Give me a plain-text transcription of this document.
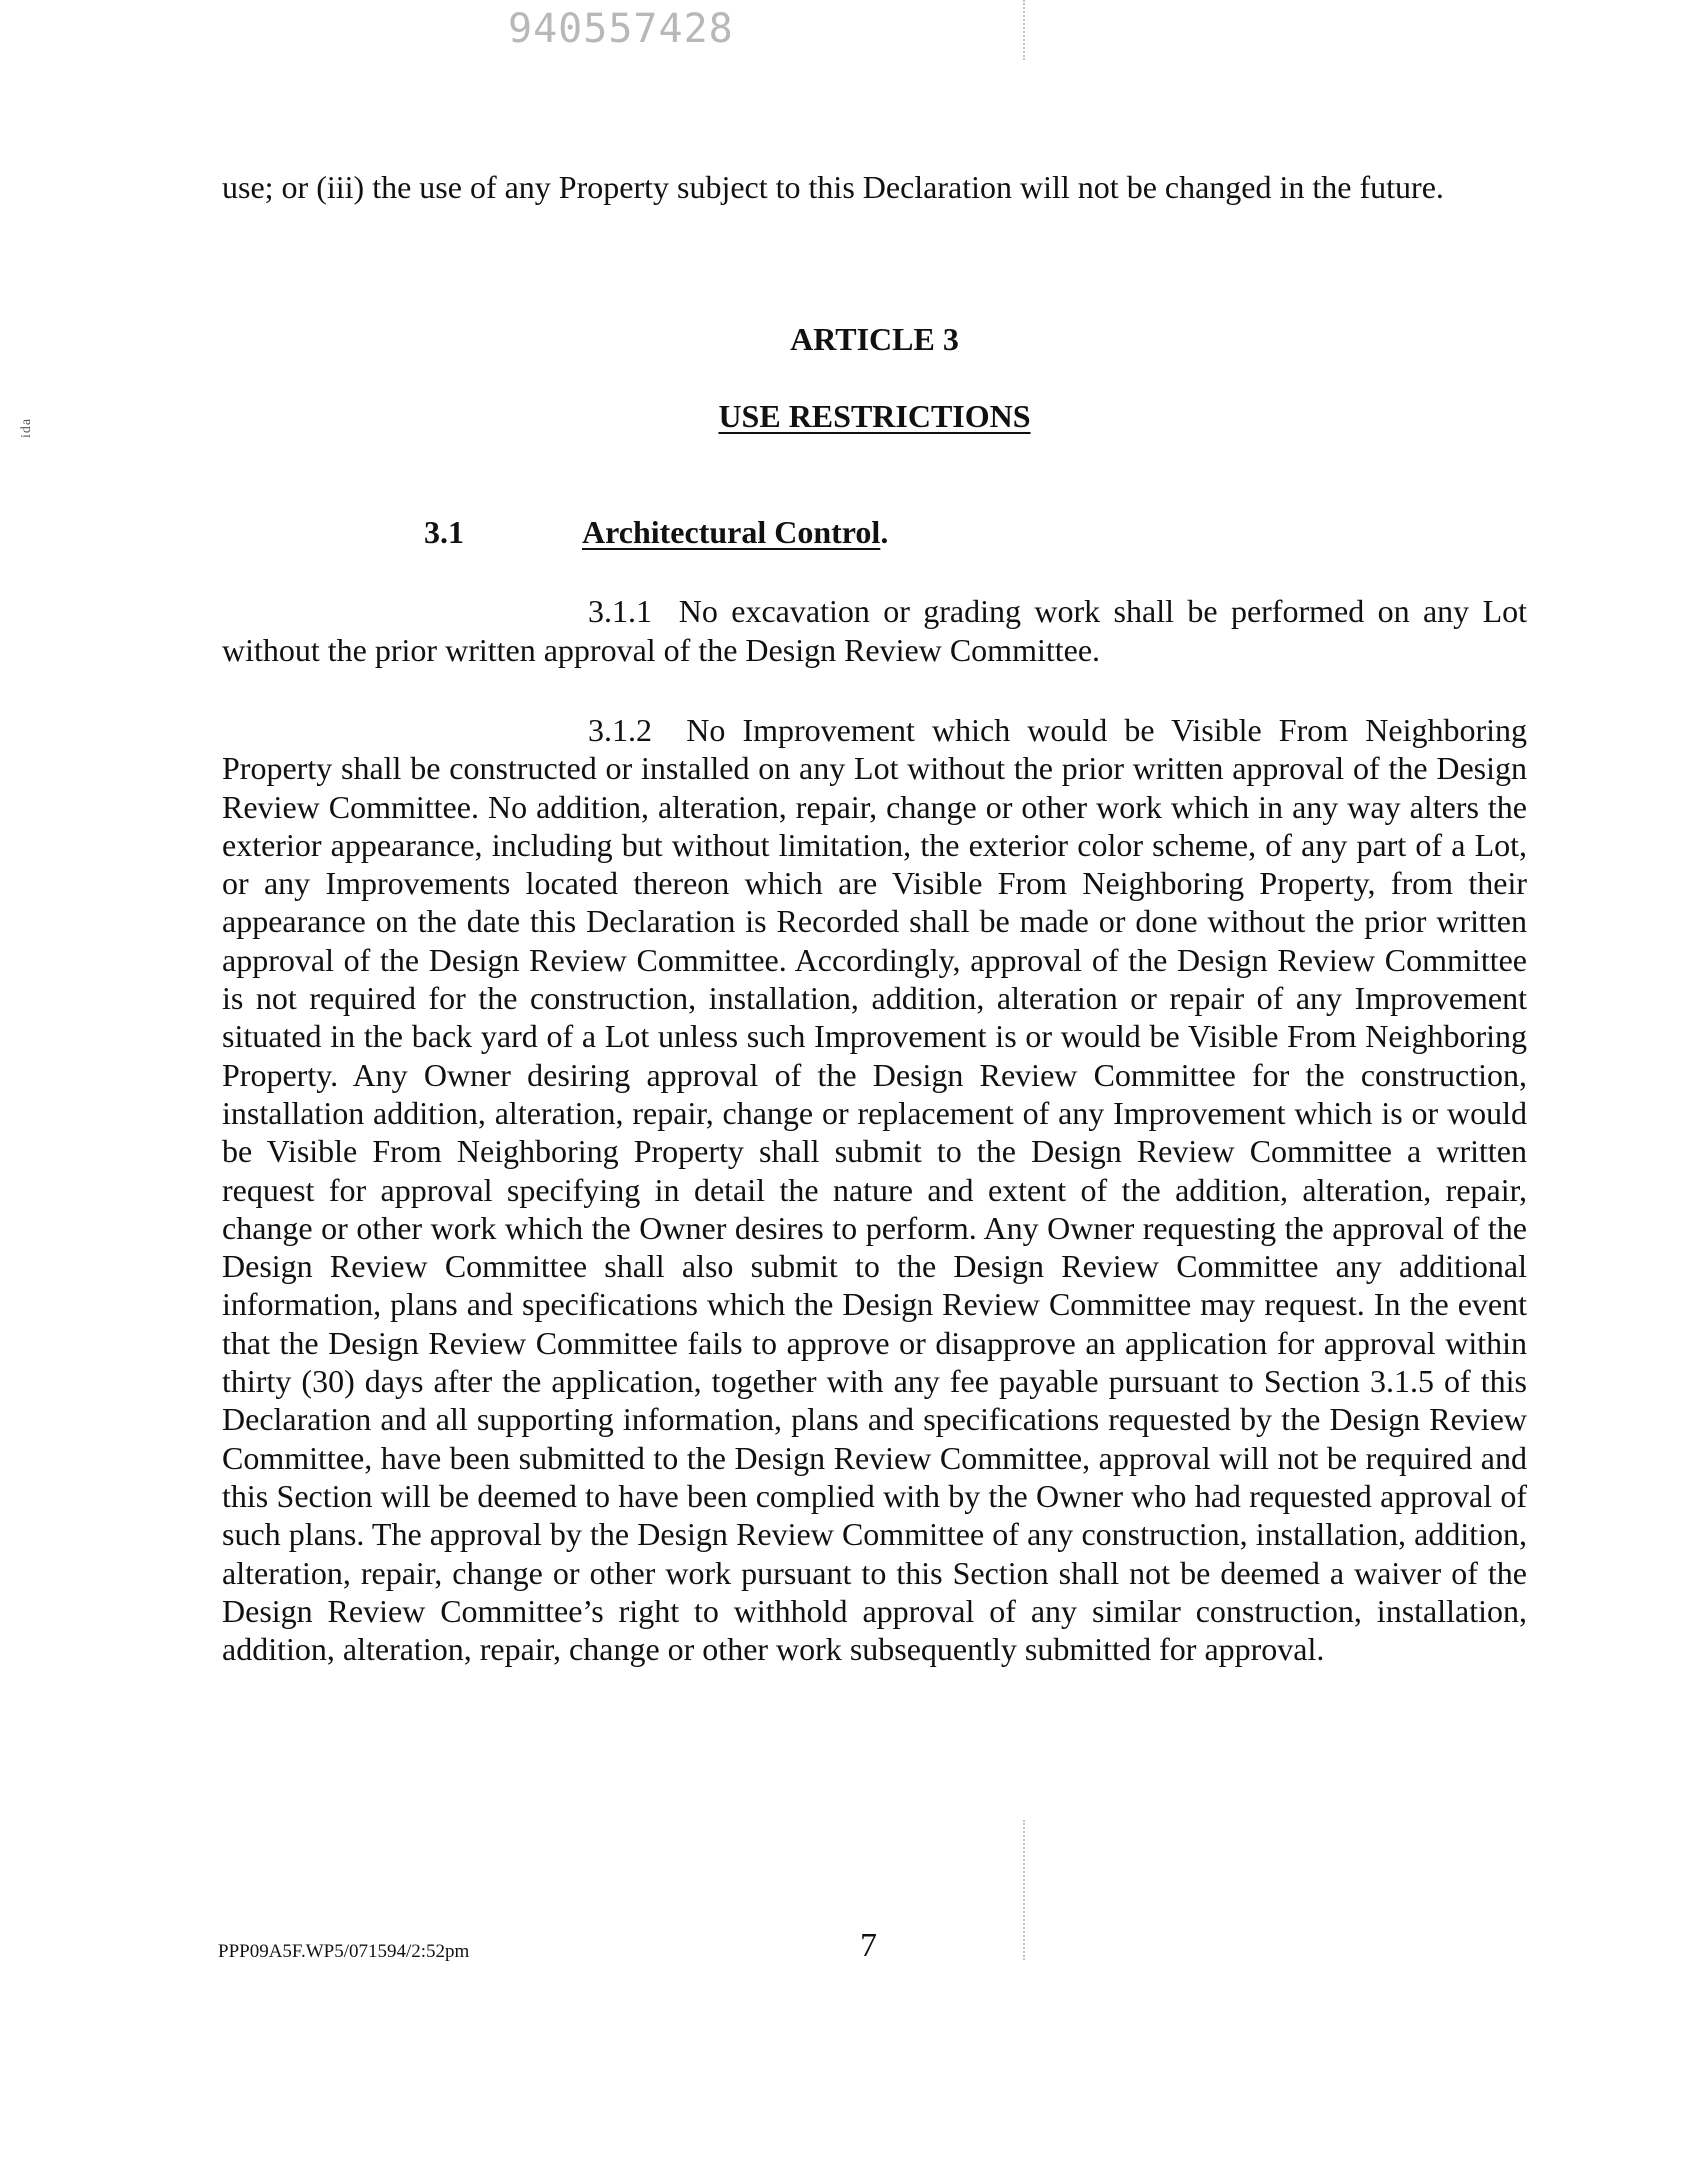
940557428
ida
use; or (iii) the use of any Property subject to this Declaration will not be changed in the future.
ARTICLE 3
USE RESTRICTIONS
3.1	Architectural Control.
3.1.1 No excavation or grading work shall be performed on any Lot without the prior written approval of the Design Review Committee.
3.1.2 No Improvement which would be Visible From Neighboring Property shall be constructed or installed on any Lot without the prior written approval of the Design Review Committee. No addition, alteration, repair, change or other work which in any way alters the exterior appearance, including but without limitation, the exterior color scheme, of any part of a Lot, or any Improvements located thereon which are Visible From Neighboring Property, from their appearance on the date this Declaration is Recorded shall be made or done without the prior written approval of the Design Review Committee. Accordingly, approval of the Design Review Committee is not required for the construction, installation, addition, alteration or repair of any Improvement situated in the back yard of a Lot unless such Improvement is or would be Visible From Neighboring Property. Any Owner desiring approval of the Design Review Committee for the construction, installation addition, alteration, repair, change or replacement of any Improvement which is or would be Visible From Neighboring Property shall submit to the Design Review Committee a written request for approval specifying in detail the nature and extent of the addition, alteration, repair, change or other work which the Owner desires to perform. Any Owner requesting the approval of the Design Review Committee shall also submit to the Design Review Committee any additional information, plans and specifications which the Design Review Committee may request. In the event that the Design Review Committee fails to approve or disapprove an application for approval within thirty (30) days after the application, together with any fee payable pursuant to Section 3.1.5 of this Declaration and all supporting information, plans and specifications requested by the Design Review Committee, have been submitted to the Design Review Committee, approval will not be required and this Section will be deemed to have been complied with by the Owner who had requested approval of such plans. The approval by the Design Review Committee of any construction, installation, addition, alteration, repair, change or other work pursuant to this Section shall not be deemed a waiver of the Design Review Committee’s right to withhold approval of any similar construction, installation, addition, alteration, repair, change or other work subsequently submitted for approval.
PPP09A5F.WP5/071594/2:52pm	7
